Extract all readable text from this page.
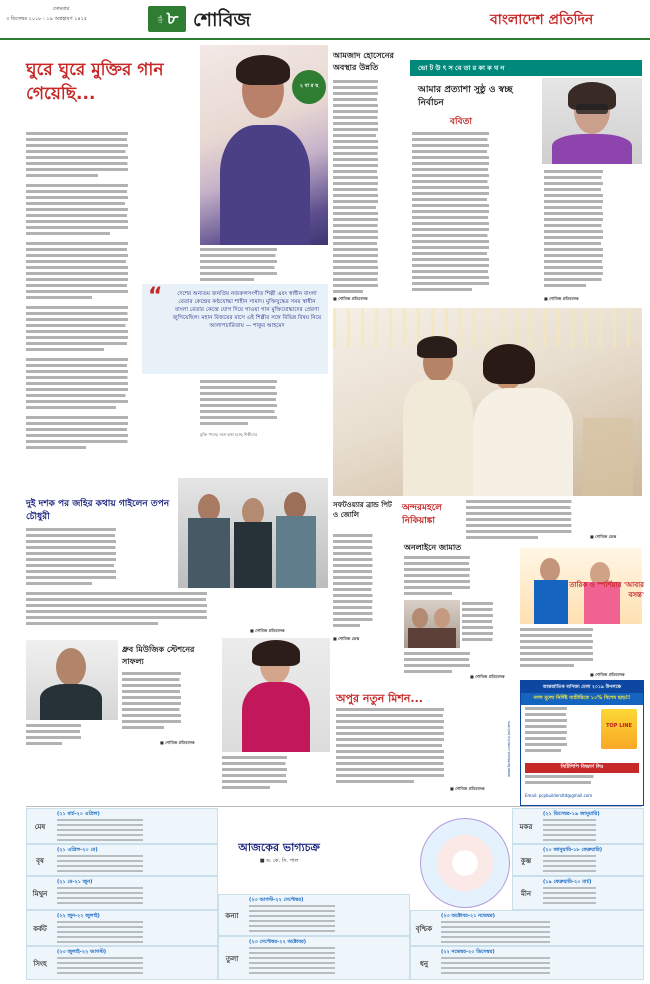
সোমবার
৩ ডিসেম্বর ২০১৮ : ১৯ অগ্রহায়ণ ১৪২৫	পৃষ্ঠা ৮ শোবিজ	বাংলাদেশ প্রতিদিন
ঘুরে ঘুরে মুক্তির গান গেয়েছি...	২ বা র ছ
“	দেশের অন্যতম জনপ্রিয় নজরুলসংগীত শিল্পী এবং স্বাধীন বাংলা বেতার কেন্দ্রের কণ্ঠযোদ্ধা শাহীন সামাদ। মুক্তিযুদ্ধের সময় স্বাধীন বাংলা বেতার কেন্দ্রে যোগ দিয়ে গাওয়া গান মুক্তিযোদ্ধাদের প্রেরণা জুগিয়েছিল। মহান বিজয়ের মাসে এই শিল্পীর সঙ্গে বিভিন্ন বিষয় নিয়ে আলাপচারিতায় — শাকুর আহমেদ
মুক্তি পাচ্ছে সঙ্গে কথা হচ্ছে শিল্পীদের
আমজাদ হোসেনের অবস্থার উন্নতি
■ শোবিজ প্রতিবেদক
ভো ট উ ৎ স বে তা র কা ক থ ন
আমার প্রত্যাশা সুষ্ঠু ও স্বচ্ছ নির্বাচন
ববিতা
■ শোবিজ প্রতিবেদক
অন্দরমহলে নিকিয়াঙ্কা
■ শোবিজ ডেস্ক
দুই দশক পর জহির কথায় গাইলেন তপন চৌধুরী
■ শোবিজ প্রতিবেদক
সফটওয়্যার ব্রান্ড পিট ও জোলি
■ শোবিজ ডেস্ক
অনলাইনে জামাত
■ শোবিজ প্রতিবেদক
তারিক ও স্পর্শিয়ার 'আবার বসন্ত'
■ শোবিজ প্রতিবেদক
ধ্রুব মিউজিক স্টেশনের সাফল্য
■ শোবিজ প্রতিবেদক
অপুর নতুন মিশন...
■ শোবিজ প্রতিবেদক
আন্তর্জাতিক বাণিজ্য মেলা ২০১৯ উপলক্ষে
নগদ মূল্যে নির্দিষ্ট ব্যাটারিতে ১০% বিশেষ ছাড়!!
TOP LINE
সিটিপিপি বিল্ডার্স লিঃ
Email: pcpbuildersltd@gmail.com
www.facebook.com/ctp.builders
আজকের ভাগ্যচক্র
■ ড. কে. সি. পাল
মেষ
(২১ মার্চ-২০ এপ্রিল)
বৃষ
(২১ এপ্রিল-২০ মে)
মিথুন
(২১ মে-২১ জুন)
কর্কট
(২২ জুন-২২ জুলাই)
সিংহ
(২৩ জুলাই-২২ আগস্ট)
কন্যা
(২৩ আগস্ট-২২ সেপ্টেম্বর)
তুলা
(২৩ সেপ্টেম্বর-২২ অক্টোবর)
বৃশ্চিক
(২৩ অক্টোবর-২১ নভেম্বর)
ধনু
(২২ নভেম্বর-২০ ডিসেম্বর)
মকর
(২১ ডিসেম্বর-১৯ জানুয়ারি)
কুম্ভ
(২০ জানুয়ারি-১৮ ফেব্রুয়ারি)
মীন
(১৯ ফেব্রুয়ারি-২০ মার্চ)
